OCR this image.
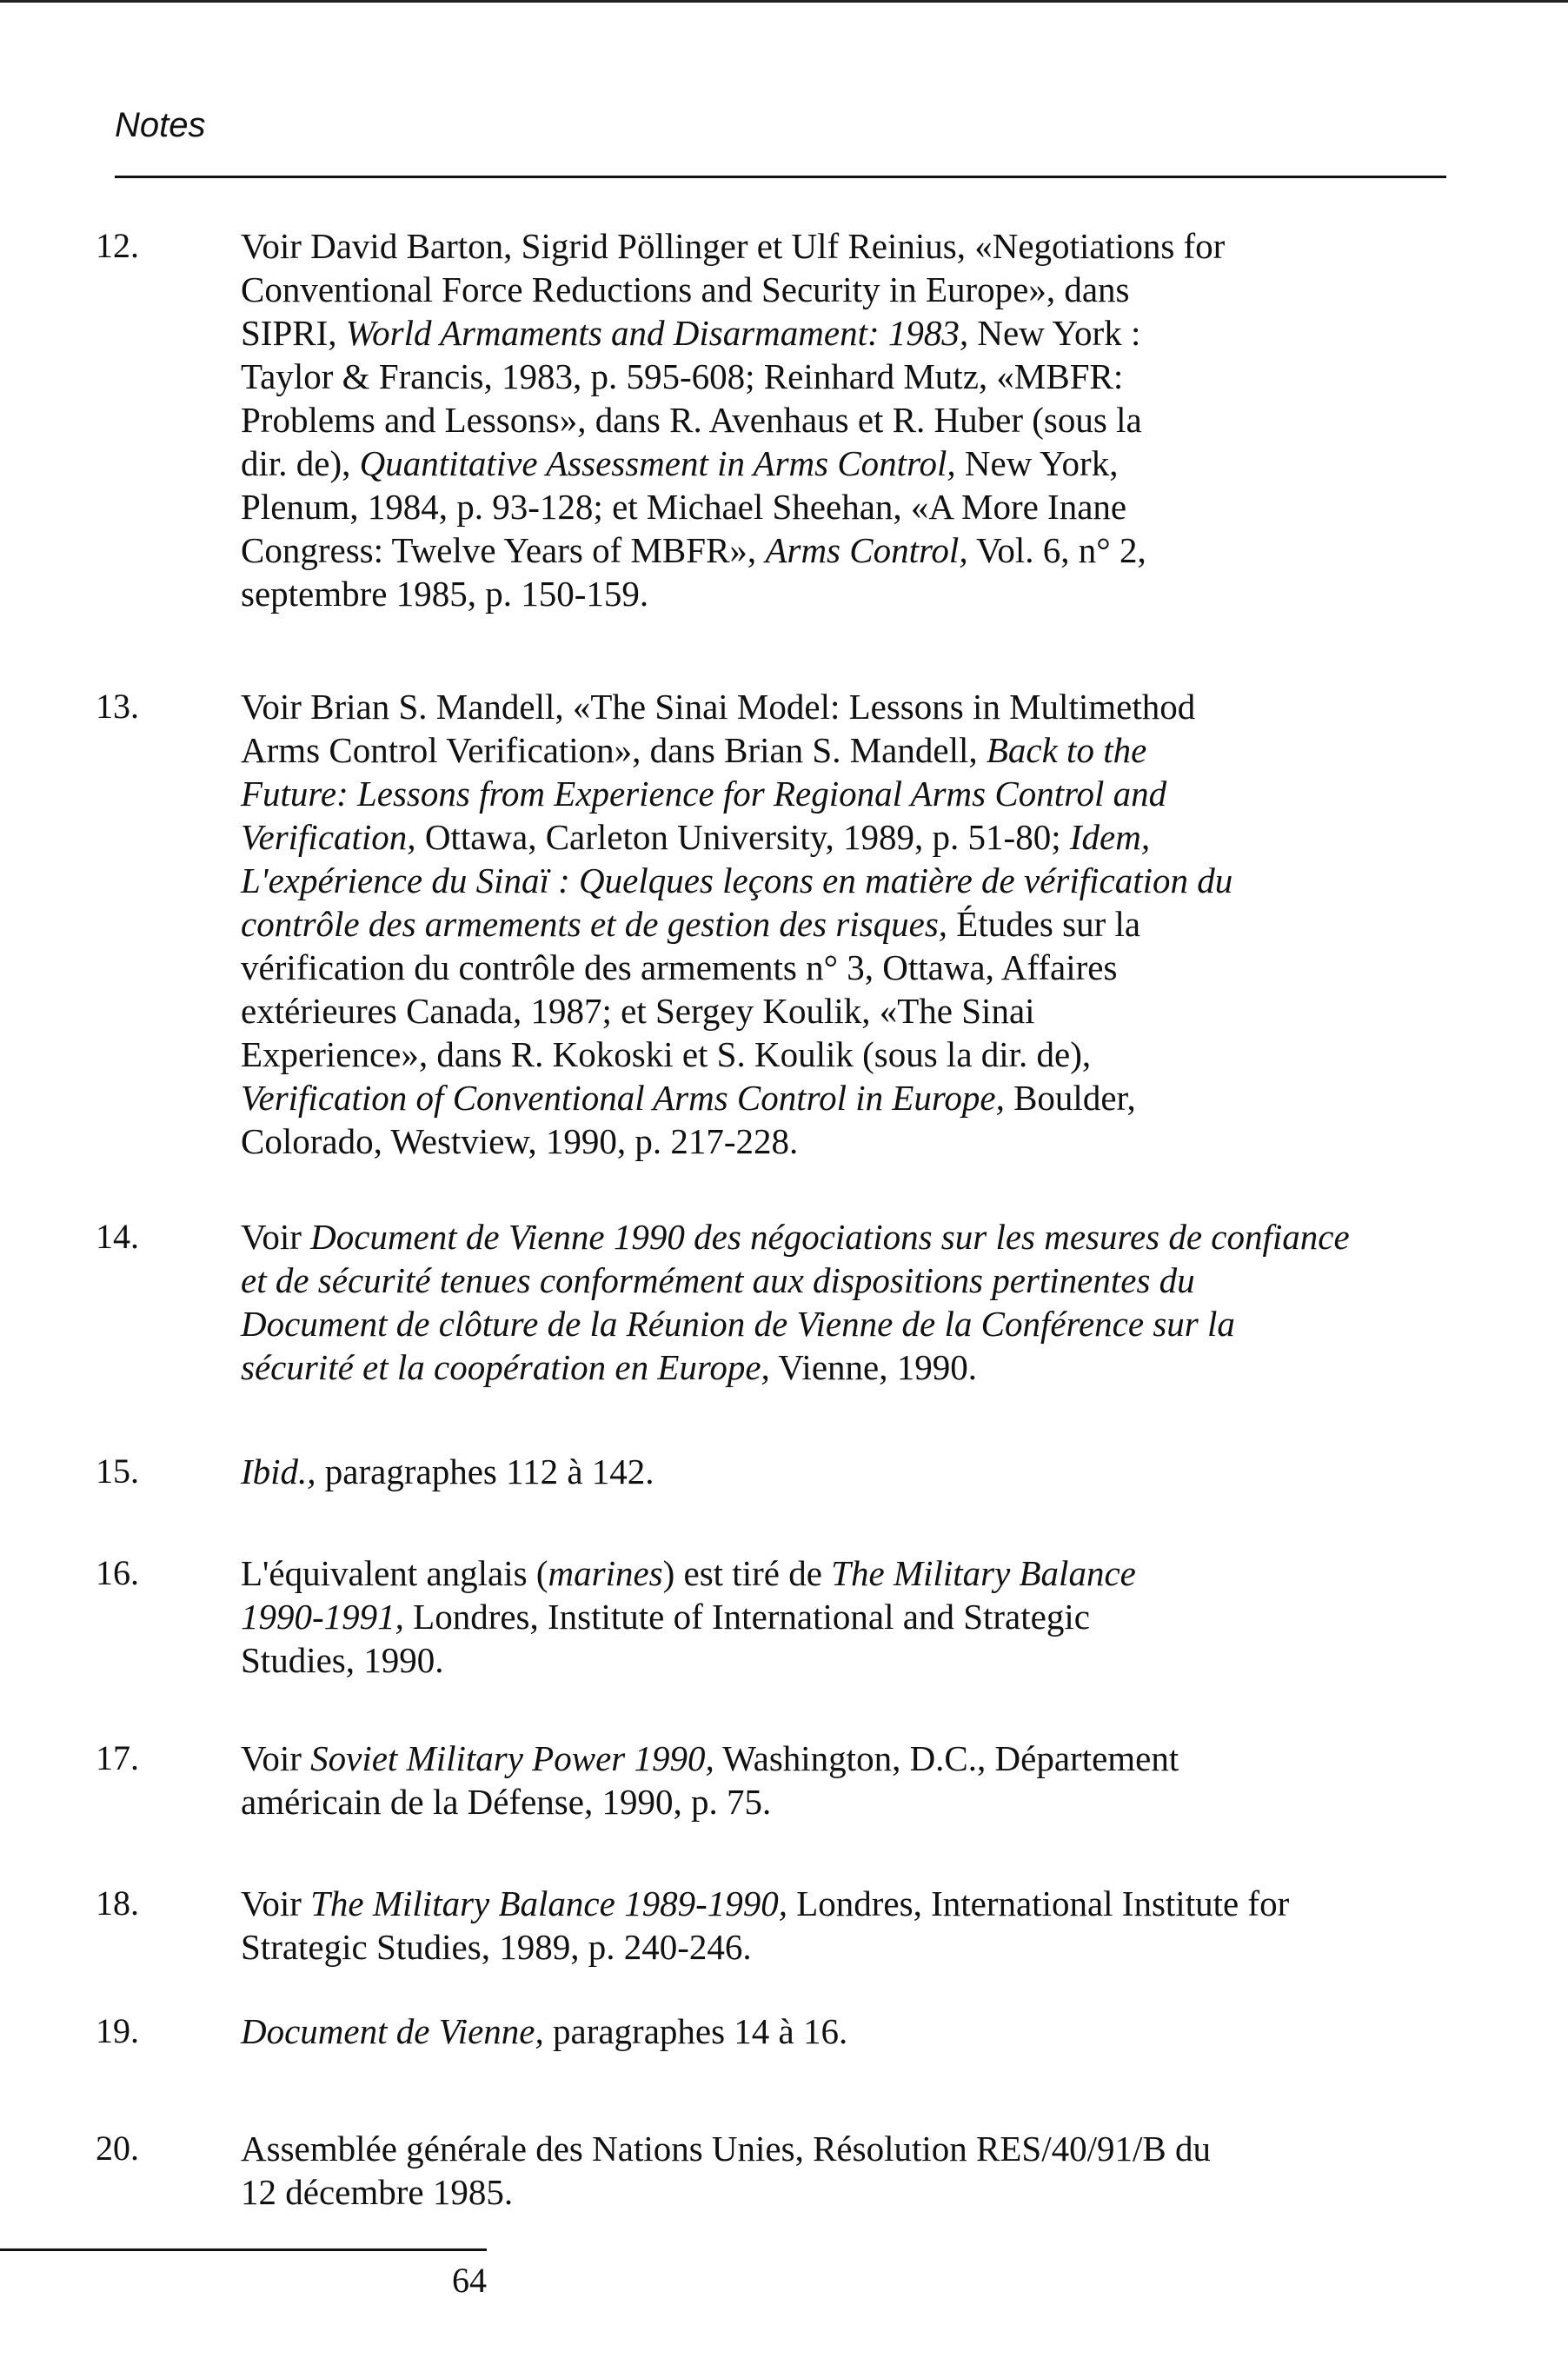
Notes
12.	Voir David Barton, Sigrid Pöllinger et Ulf Reinius, «Negotiations for
Conventional Force Reductions and Security in Europe», dans
SIPRI, World Armaments and Disarmament: 1983, New York :
Taylor & Francis, 1983, p. 595-608; Reinhard Mutz, «MBFR:
Problems and Lessons», dans R. Avenhaus et R. Huber (sous la
dir. de), Quantitative Assessment in Arms Control, New York,
Plenum, 1984, p. 93-128; et Michael Sheehan, «A More Inane
Congress: Twelve Years of MBFR», Arms Control, Vol. 6, n° 2,
septembre 1985, p. 150-159.
13.	Voir Brian S. Mandell, «The Sinai Model: Lessons in Multimethod
Arms Control Verification», dans Brian S. Mandell, Back to the
Future: Lessons from Experience for Regional Arms Control and
Verification, Ottawa, Carleton University, 1989, p. 51-80; Idem,
L'expérience du Sinaï : Quelques leçons en matière de vérification du
contrôle des armements et de gestion des risques, Études sur la
vérification du contrôle des armements n° 3, Ottawa, Affaires
extérieures Canada, 1987; et Sergey Koulik, «The Sinai
Experience», dans R. Kokoski et S. Koulik (sous la dir. de),
Verification of Conventional Arms Control in Europe, Boulder,
Colorado, Westview, 1990, p. 217-228.
14.	Voir Document de Vienne 1990 des négociations sur les mesures de confiance
et de sécurité tenues conformément aux dispositions pertinentes du
Document de clôture de la Réunion de Vienne de la Conférence sur la
sécurité et la coopération en Europe, Vienne, 1990.
15.	Ibid., paragraphes 112 à 142.
16.	L'équivalent anglais (marines) est tiré de The Military Balance
1990-1991, Londres, Institute of International and Strategic
Studies, 1990.
17.	Voir Soviet Military Power 1990, Washington, D.C., Département
américain de la Défense, 1990, p. 75.
18.	Voir The Military Balance 1989-1990, Londres, International Institute for
Strategic Studies, 1989, p. 240-246.
19.	Document de Vienne, paragraphes 14 à 16.
20.	Assemblée générale des Nations Unies, Résolution RES/40/91/B du
12 décembre 1985.
64
